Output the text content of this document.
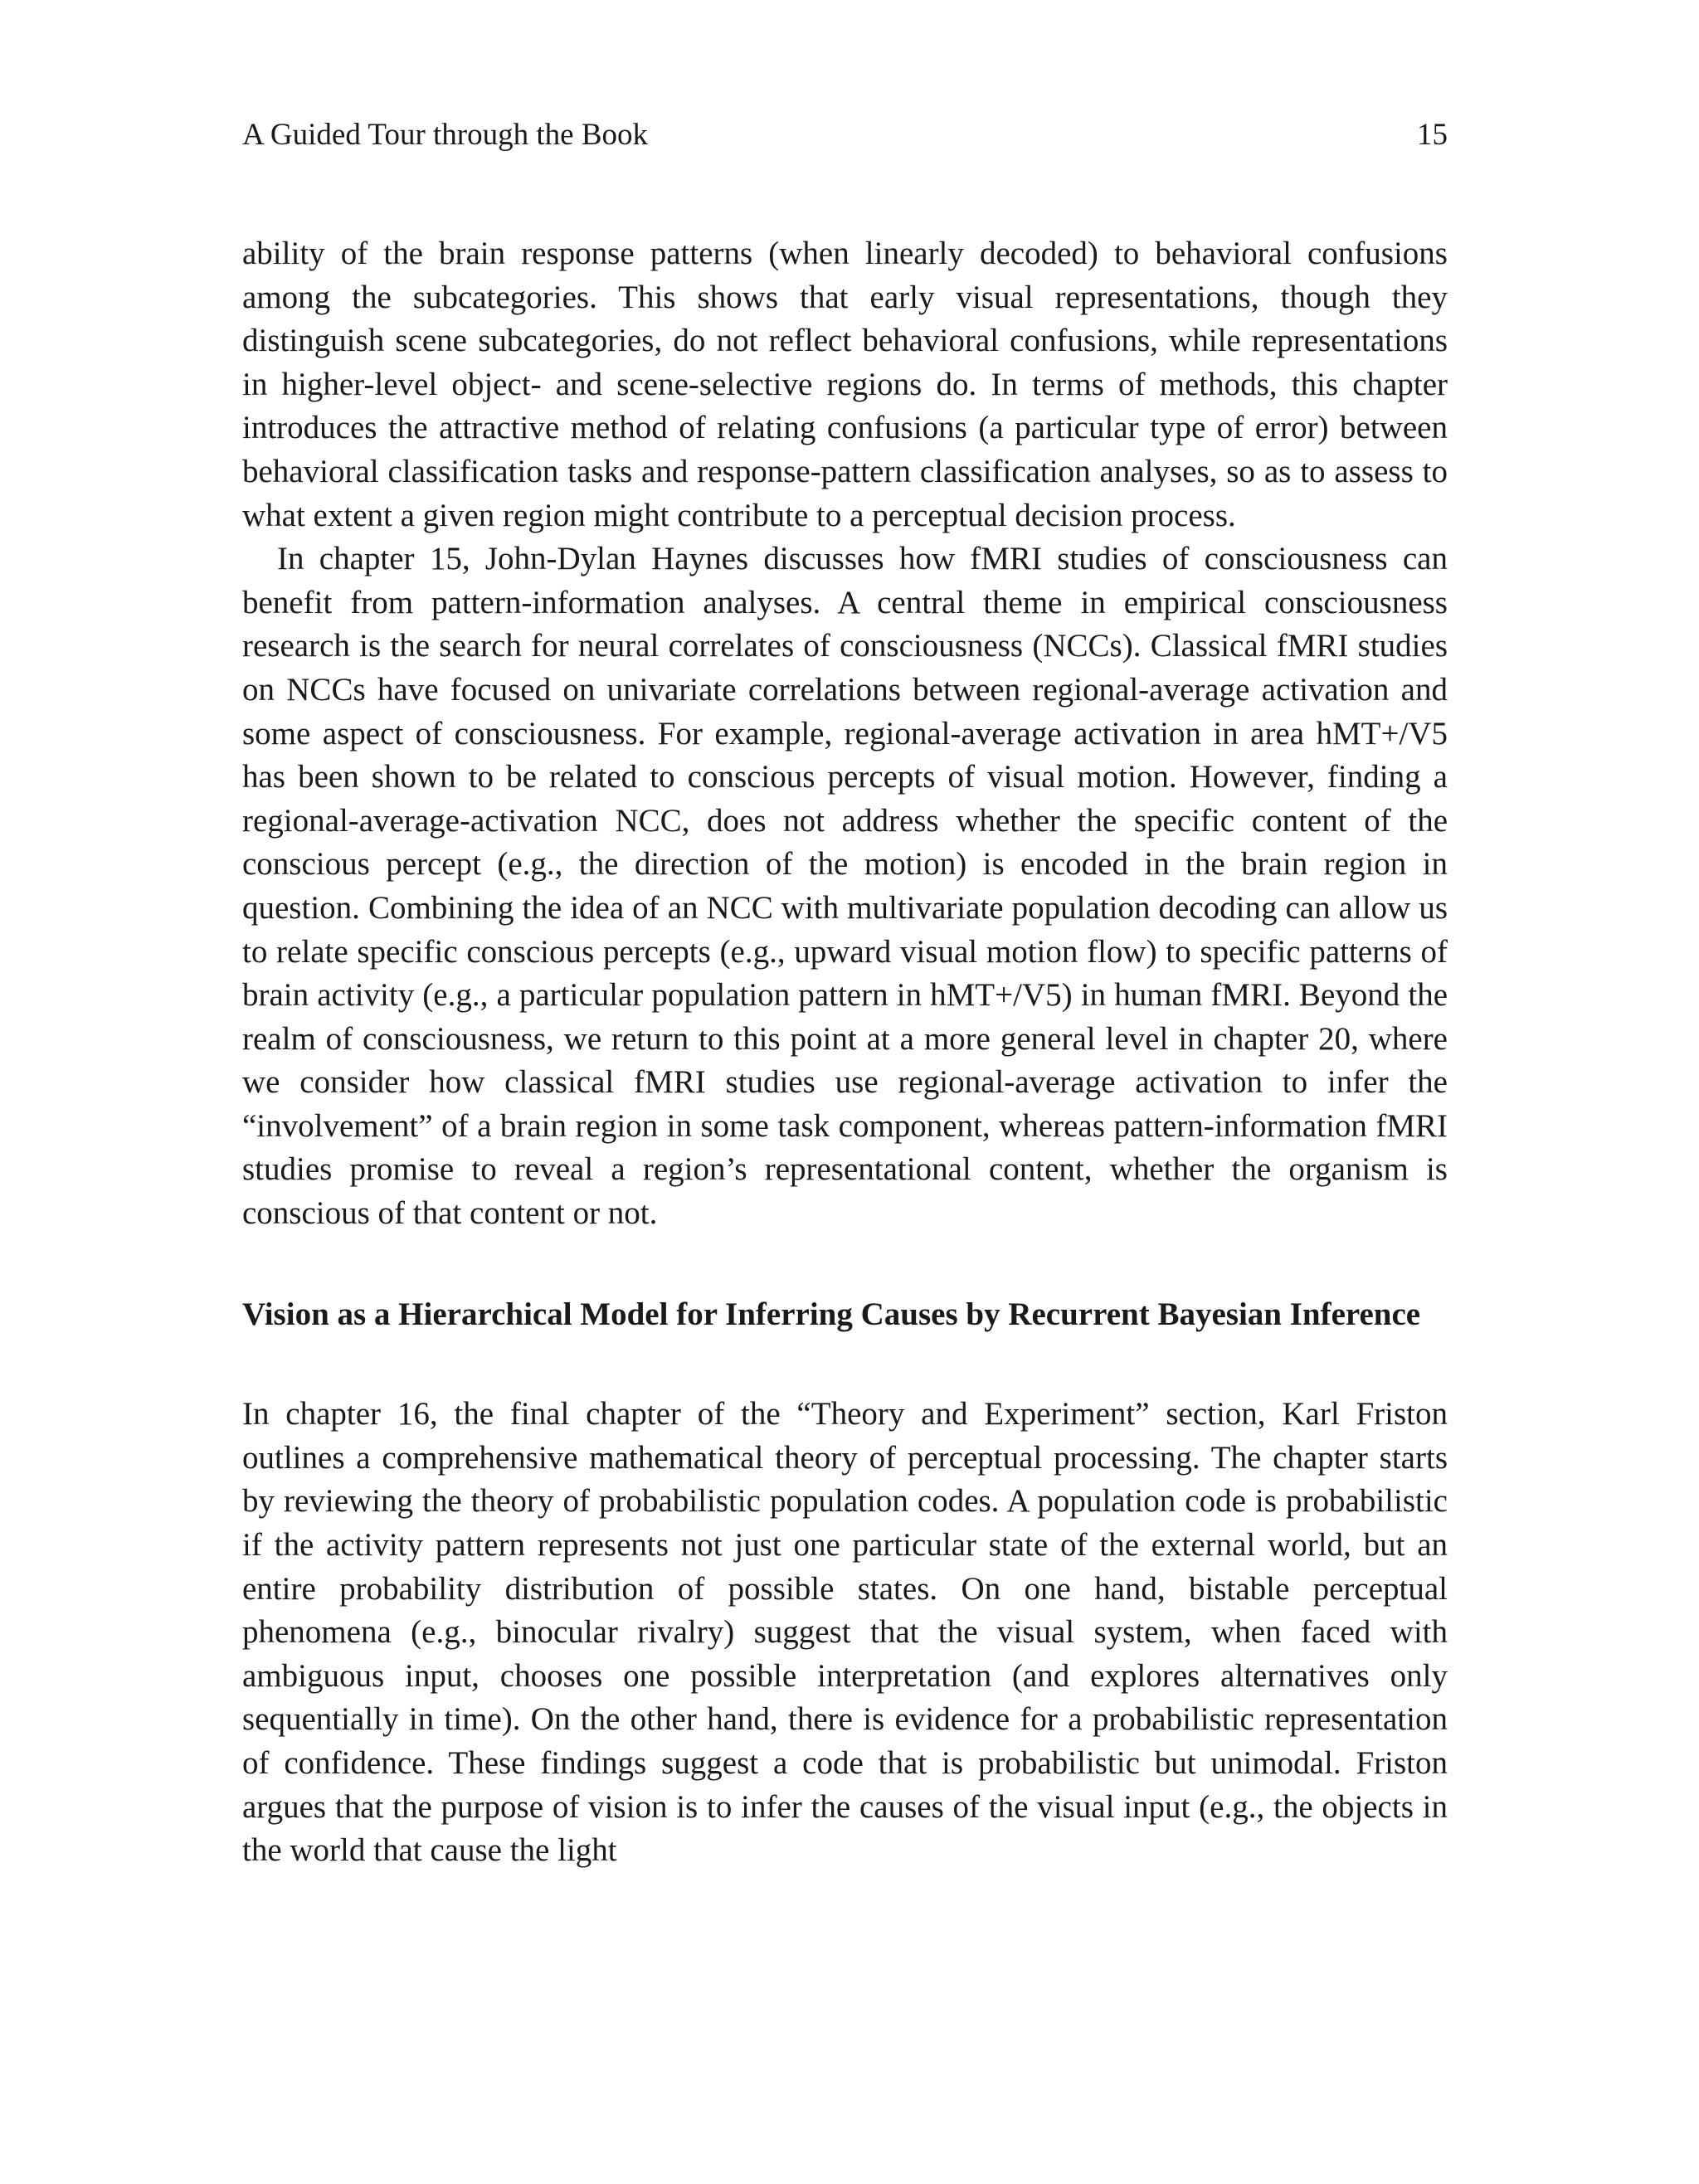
A Guided Tour through the Book	15

ability of the brain response patterns (when linearly decoded) to behavioral confusions among the subcategories. This shows that early visual representations, though they distinguish scene subcategories, do not reflect behavioral confusions, while representations in higher-level object- and scene-selective regions do. In terms of methods, this chapter introduces the attractive method of relating confusions (a particular type of error) between behavioral classification tasks and response-pattern classification analyses, so as to assess to what extent a given region might contribute to a perceptual decision process.

In chapter 15, John-Dylan Haynes discusses how fMRI studies of consciousness can benefit from pattern-information analyses. A central theme in empirical consciousness research is the search for neural correlates of consciousness (NCCs). Classical fMRI studies on NCCs have focused on univariate correlations between regional-average activation and some aspect of consciousness. For example, regional-average activation in area hMT+/V5 has been shown to be related to conscious percepts of visual motion. However, finding a regional-average-activation NCC, does not address whether the specific content of the conscious percept (e.g., the direction of the motion) is encoded in the brain region in question. Combining the idea of an NCC with multivariate population decoding can allow us to relate specific conscious percepts (e.g., upward visual motion flow) to specific patterns of brain activity (e.g., a particular population pattern in hMT+/V5) in human fMRI. Beyond the realm of consciousness, we return to this point at a more general level in chapter 20, where we consider how classical fMRI studies use regional-average activation to infer the “involvement” of a brain region in some task component, whereas pattern-information fMRI studies promise to reveal a region’s representational content, whether the organism is conscious of that content or not.

Vision as a Hierarchical Model for Inferring Causes by Recurrent Bayesian Inference

In chapter 16, the final chapter of the “Theory and Experiment” section, Karl Friston outlines a comprehensive mathematical theory of perceptual processing. The chapter starts by reviewing the theory of probabilistic population codes. A population code is probabilistic if the activity pattern represents not just one particular state of the external world, but an entire probability distribution of possible states. On one hand, bistable perceptual phenomena (e.g., binocular rivalry) suggest that the visual system, when faced with ambiguous input, chooses one possible interpretation (and explores alternatives only sequentially in time). On the other hand, there is evidence for a probabilistic representation of confidence. These findings suggest a code that is probabilistic but unimodal. Friston argues that the purpose of vision is to infer the causes of the visual input (e.g., the objects in the world that cause the light
